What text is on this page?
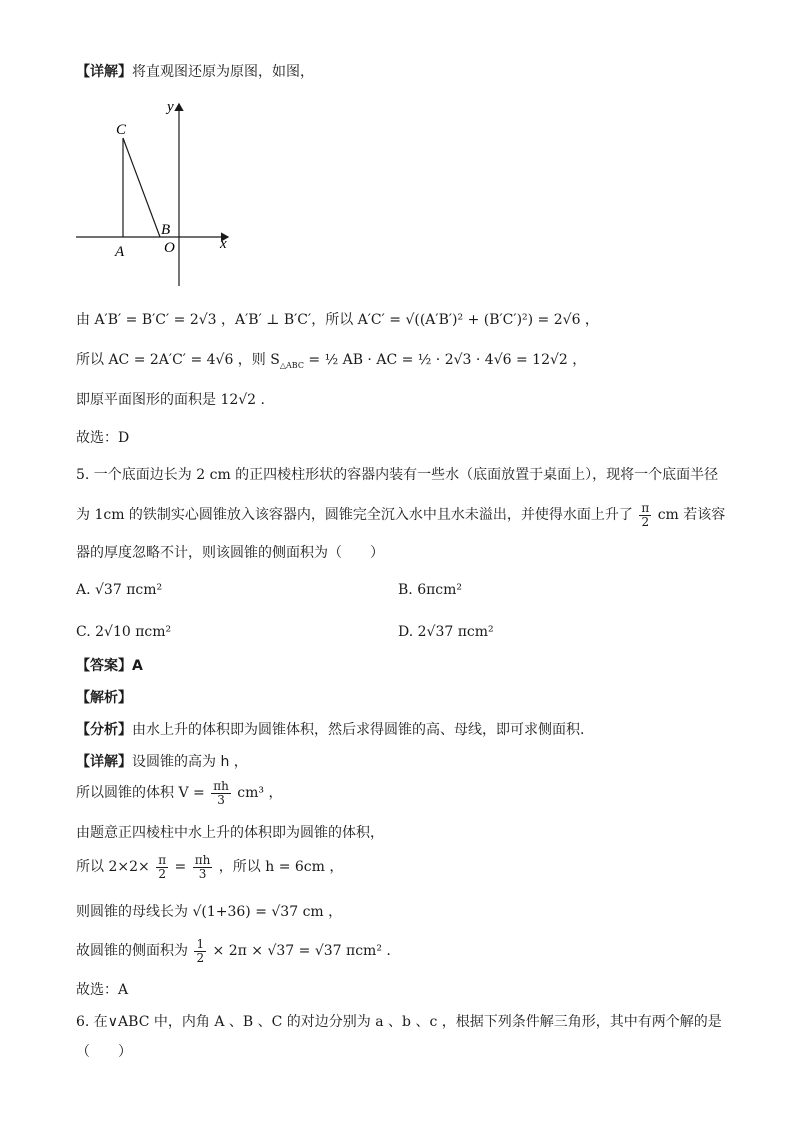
【详解】将直观图还原为原图，如图，
y
x
C
B
A	O
由 A′B′ = B′C′ = 2√3 ，A′B′ ⊥ B′C′，所以 A′C′ = √((A′B′)² + (B′C′)²) = 2√6 ，
所以 AC = 2A′C′ = 4√6 ，则 $S_{\triangle ABC}$ = ½ AB · AC = ½ · 2√3 · 4√6 = 12√2 ，
即原平面图形的面积是 12√2 .
故选：D
5. 一个底面边长为 2 cm 的正四棱柱形状的容器内装有一些水（底面放置于桌面上），现将一个底面半径
为 1cm 的铁制实心圆锥放入该容器内，圆锥完全沉入水中且水未溢出，并使得水面上升了 $\frac{\pi}{2}$ cm 若该容
器的厚度忽略不计，则该圆锥的侧面积为（　　）
A. √37 πcm²	B. 6πcm²
C. 2√10 πcm²	D. 2√37 πcm²
【答案】A
【解析】
【分析】由水上升的体积即为圆锥体积，然后求得圆锥的高、母线，即可求侧面积.
【详解】设圆锥的高为 h ，
所以圆锥的体积 $V = \frac{\pi h}{3} cm^3$ ，
由题意正四棱柱中水上升的体积即为圆锥的体积，
所以 $2\times 2\times \frac{\pi}{2} = \frac{\pi h}{3}$ ，所以 h = 6cm ，
则圆锥的母线长为 √(1+36) = √37 cm ，
故圆锥的侧面积为 $\frac{1}{2} \times 2\pi \times √37 = √37$ πcm² .
故选：A
6. 在∨ABC 中，内角 A 、B 、C 的对边分别为 a 、b 、c ，根据下列条件解三角形，其中有两个解的是
（　　）
